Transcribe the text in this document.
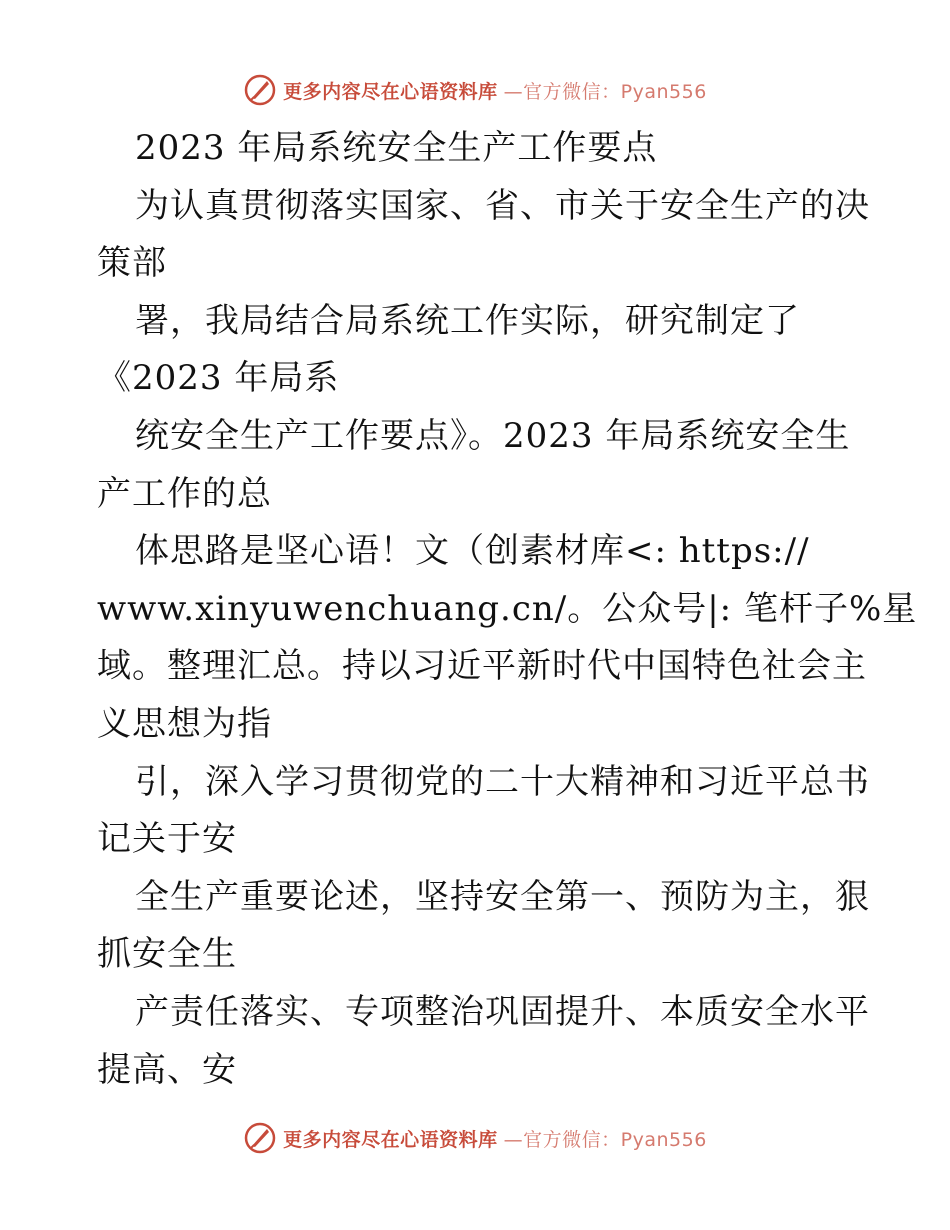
更多内容尽在心语资料库 —官方微信：Pyan556
2023 年局系统安全生产工作要点
为认真贯彻落实国家、省、市关于安全生产的决
策部
署，我局结合局系统工作实际，研究制定了
《2023 年局系
统安全生产工作要点》。2023 年局系统安全生
产工作的总
体思路是坚心语！文（创素材库<: https://
www.xinyuwenchuang.cn/。公众号|: 笔杆子%星
域。整理汇总。持以习近平新时代中国特色社会主
义思想为指
引，深入学习贯彻党的二十大精神和习近平总书
记关于安
全生产重要论述，坚持安全第一、预防为主，狠
抓安全生
产责任落实、专项整治巩固提升、本质安全水平
提高、安
更多内容尽在心语资料库 —官方微信：Pyan556
